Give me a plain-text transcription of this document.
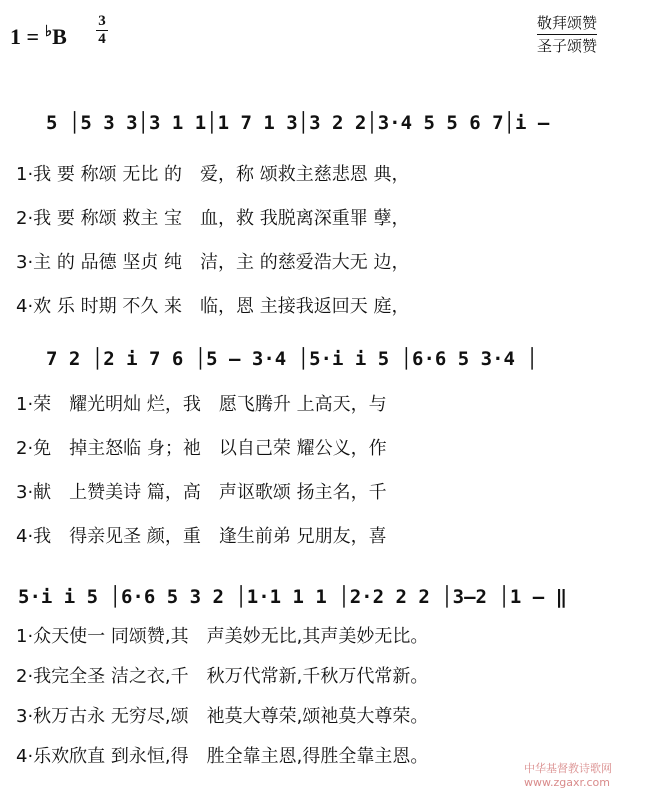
1 = ♭B
3
4
敬拜颂赞
圣子颂赞
5 │5 3 3│3 1 1│1 7 1 3│3 2 2│3·4 5 5 6 7│i –
1·我 要 称颂 无比 的　爱，称 颂救主慈悲恩 典，
2·我 要 称颂 救主 宝　血，救 我脱离深重罪 孽，
3·主 的 品德 坚贞 纯　洁，主 的慈爱浩大无 边，
4·欢 乐 时期 不久 来　临，恩 主接我返回天 庭，
7 2 │2 i 7 6 │5 – 3·4 │5·i i 5 │6·6 5 3·4 │
1·荣　耀光明灿 烂，我　愿飞腾升 上高天，与
2·免　掉主怒临 身；祂　以自己荣 耀公义，作
3·献　上赞美诗 篇，高　声讴歌颂 扬主名，千
4·我　得亲见圣 颜，重　逢生前弟 兄朋友，喜
5·i i 5 │6·6 5 3 2 │1·1 1 1 │2·2 2 2 │3–2 │1 – ‖
1·众天使一 同颂赞,其　声美妙无比,其声美妙无比。
2·我完全圣 洁之衣,千　秋万代常新,千秋万代常新。
3·秋万古永 无穷尽,颂　祂莫大尊荣,颂祂莫大尊荣。
4·乐欢欣直 到永恒,得　胜全靠主恩,得胜全靠主恩。
中华基督教诗歌网
www.zgaxr.com
